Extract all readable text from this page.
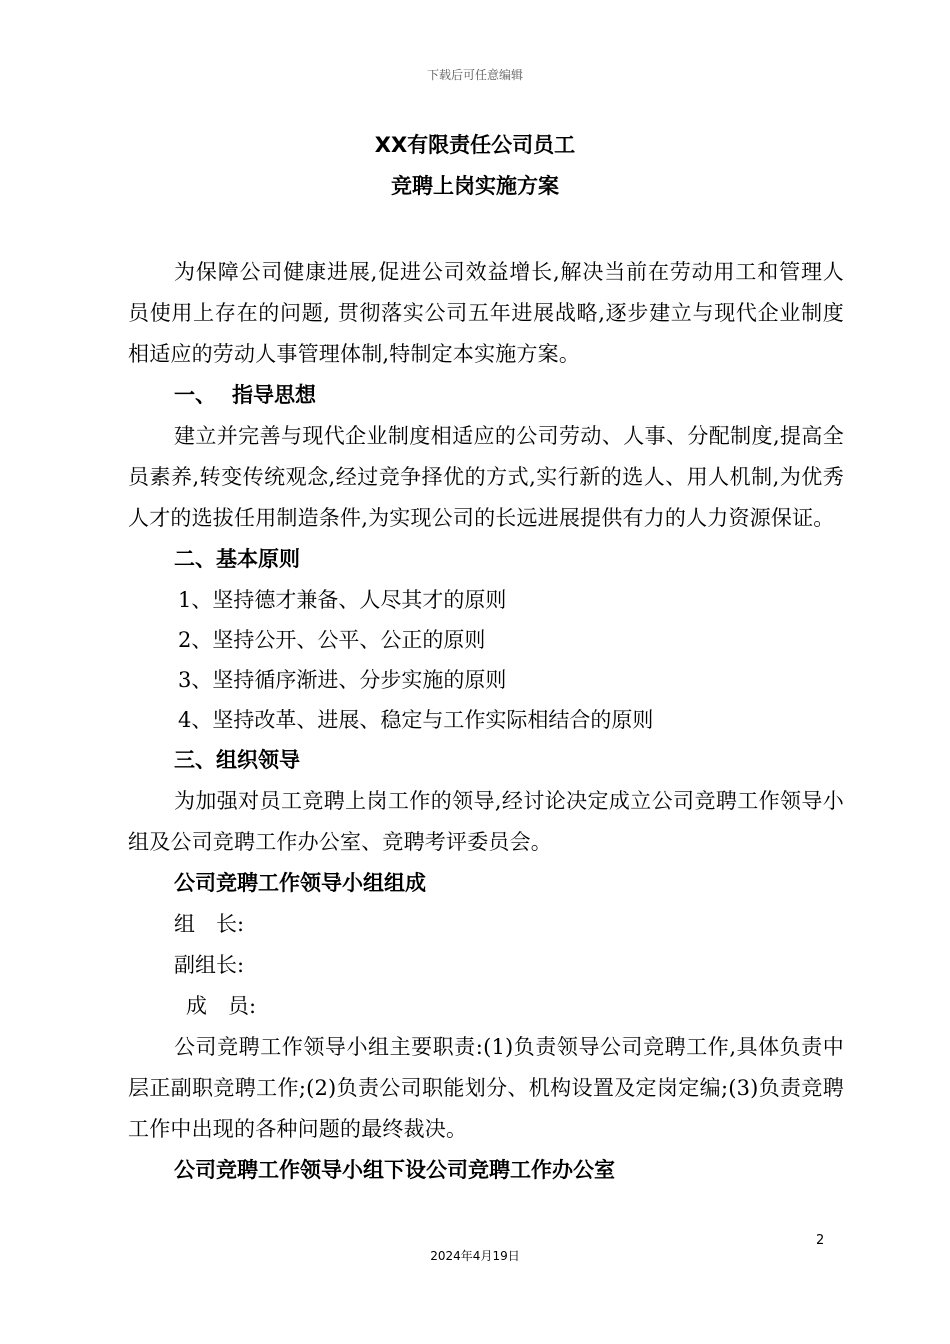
下载后可任意编辑
XX有限责任公司员工
竞聘上岗实施方案

为保障公司健康进展,促进公司效益增长,解决当前在劳动用工和管理人员使用上存在的问题, 贯彻落实公司五年进展战略,逐步建立与现代企业制度相适应的劳动人事管理体制,特制定本实施方案。

一、 指导思想

建立并完善与现代企业制度相适应的公司劳动、人事、分配制度,提高全员素养,转变传统观念,经过竞争择优的方式,实行新的选人、用人机制,为优秀人才的选拔任用制造条件,为实现公司的长远进展提供有力的人力资源保证。

二、基本原则

1、坚持德才兼备、人尽其才的原则

2、坚持公开、公平、公正的原则

3、坚持循序渐进、分步实施的原则

4、坚持改革、进展、稳定与工作实际相结合的原则

三、组织领导

为加强对员工竞聘上岗工作的领导,经讨论决定成立公司竞聘工作领导小组及公司竞聘工作办公室、竞聘考评委员会。

公司竞聘工作领导小组组成

组　长:

副组长:

成　员:

公司竞聘工作领导小组主要职责:(1)负责领导公司竞聘工作,具体负责中层正副职竞聘工作;(2)负责公司职能划分、机构设置及定岗定编;(3)负责竞聘工作中出现的各种问题的最终裁决。

公司竞聘工作领导小组下设公司竞聘工作办公室

2
2024年4月19日
